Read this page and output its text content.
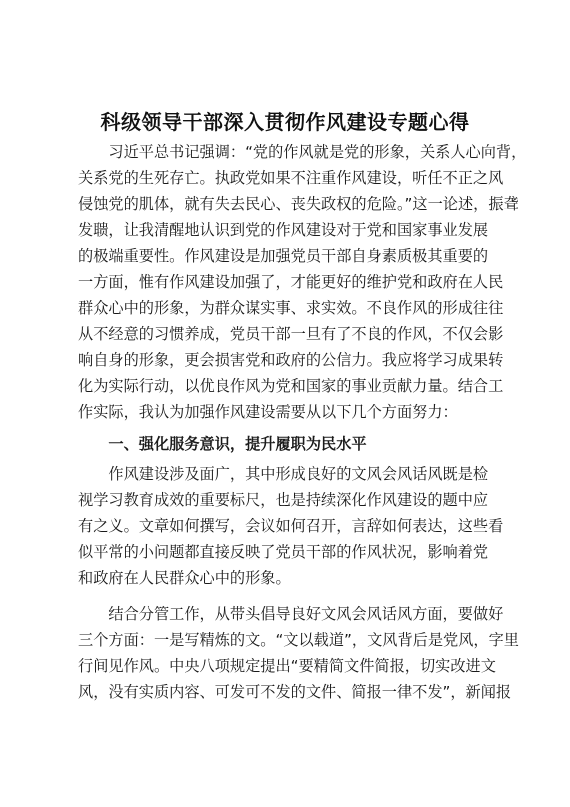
科级领导干部深入贯彻作风建设专题心得
　　习近平总书记强调：“党的作风就是党的形象，关系人心向背，
关系党的生死存亡。执政党如果不注重作风建设，听任不正之风
侵蚀党的肌体，就有失去民心、丧失政权的危险。”这一论述，振聋
发聩，让我清醒地认识到党的作风建设对于党和国家事业发展
的极端重要性。作风建设是加强党员干部自身素质极其重要的
一方面，惟有作风建设加强了，才能更好的维护党和政府在人民
群众心中的形象，为群众谋实事、求实效。不良作风的形成往往
从不经意的习惯养成，党员干部一旦有了不良的作风，不仅会影
响自身的形象，更会损害党和政府的公信力。我应将学习成果转
化为实际行动，以优良作风为党和国家的事业贡献力量。结合工
作实际，我认为加强作风建设需要从以下几个方面努力：
　　一、强化服务意识，提升履职为民水平
　　作风建设涉及面广，其中形成良好的文风会风话风既是检
视学习教育成效的重要标尺，也是持续深化作风建设的题中应
有之义。文章如何撰写，会议如何召开，言辞如何表达，这些看
似平常的小问题都直接反映了党员干部的作风状况，影响着党
和政府在人民群众心中的形象。
　　结合分管工作，从带头倡导良好文风会风话风方面，要做好
三个方面：一是写精炼的文。“文以载道”，文风背后是党风，字里
行间见作风。中央八项规定提出“要精简文件简报，切实改进文
风，没有实质内容、可发可不发的文件、简报一律不发”，新闻报
